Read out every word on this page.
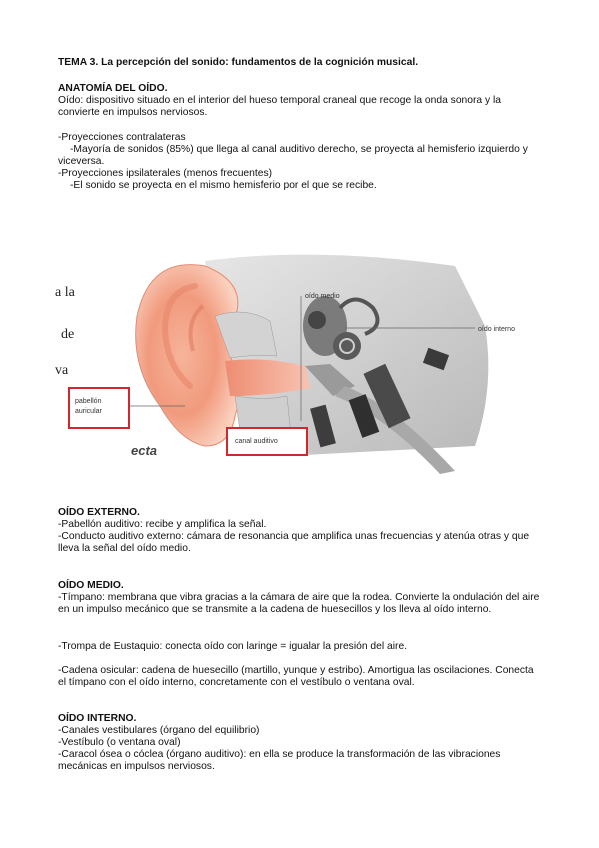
TEMA 3. La percepción del sonido: fundamentos de la cognición musical.
ANATOMÍA DEL OÍDO.
Oído: dispositivo situado en el interior del hueso temporal craneal que recoge la onda sonora y la convierte en impulsos nerviosos.
-Proyecciones contralateras
-Mayoría de sonidos (85%) que llega al canal auditivo derecho, se proyecta al hemisferio izquierdo y viceversa.
-Proyecciones ipsilaterales (menos frecuentes)
-El sonido se proyecta en el mismo hemisferio por el que se recibe.
a la
de
va
oído medio
oído interno
pabellón
auricular
canal auditivo
ecta
OÍDO EXTERNO.
-Pabellón auditivo: recibe y amplifica la señal.
-Conducto auditivo externo: cámara de resonancia que amplifica unas frecuencias y atenúa otras y que lleva la señal del oído medio.
OÍDO MEDIO.
-Tímpano: membrana que vibra gracias a la cámara de aire que la rodea. Convierte la ondulación del aire en un impulso mecánico que se transmite a la cadena de huesecillos y los lleva al oído interno.
-Trompa de Eustaquio: conecta oído con laringe = igualar la presión del aire.
-Cadena osicular: cadena de huesecillo (martillo, yunque y estribo). Amortigua las oscilaciones. Conecta el tímpano con el oído interno, concretamente con el vestíbulo o ventana oval.
OÍDO INTERNO.
-Canales vestibulares (órgano del equilibrio)
-Vestíbulo (o ventana oval)
-Caracol ósea o cóclea (órgano auditivo): en ella se produce la transformación de las vibraciones mecánicas en impulsos nerviosos.
